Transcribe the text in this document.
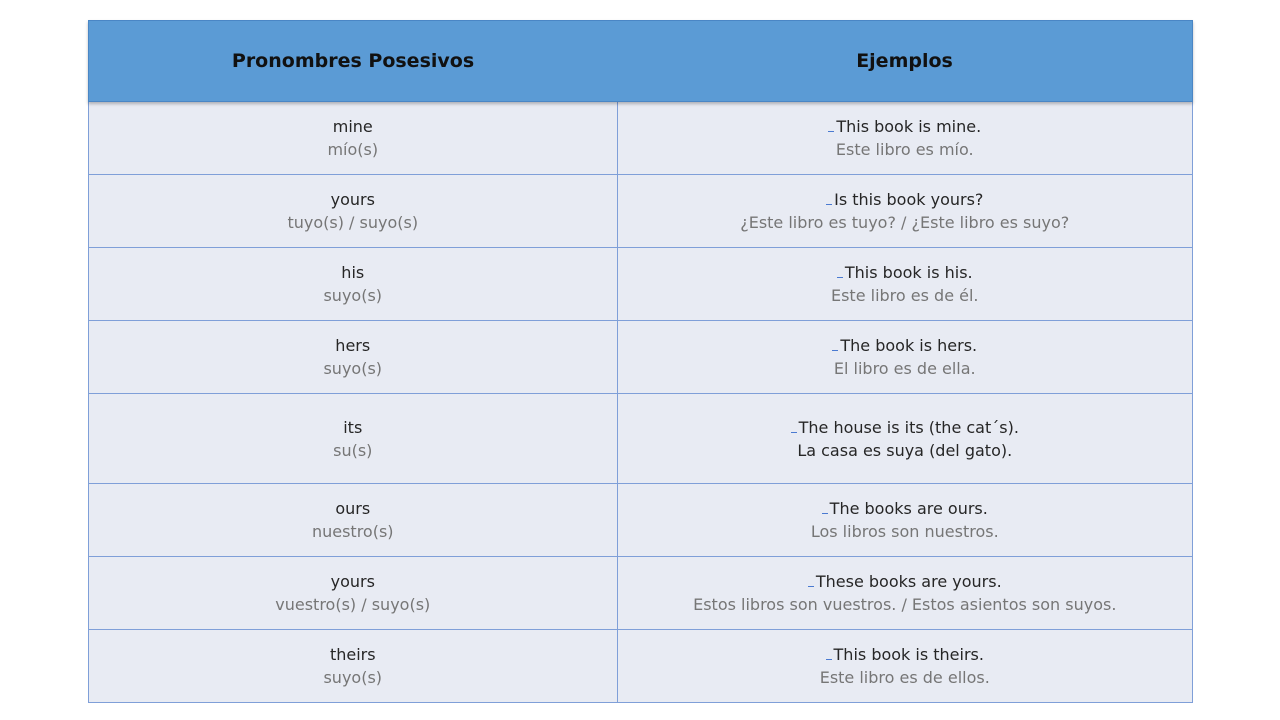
Pronombres Posesivos	Ejemplos
mine
mío(s)
This book is mine.
Este libro es mío.
yours
tuyo(s) / suyo(s)
Is this book yours?
¿Este libro es tuyo? / ¿Este libro es suyo?
his
suyo(s)
This book is his.
Este libro es de él.
hers
suyo(s)
The book is hers.
El libro es de ella.
its
su(s)
The house is its (the cat´s).
La casa es suya (del gato).
ours
nuestro(s)
The books are ours.
Los libros son nuestros.
yours
vuestro(s) / suyo(s)
These books are yours.
Estos libros son vuestros. / Estos asientos son suyos.
theirs
suyo(s)
This book is theirs.
Este libro es de ellos.
